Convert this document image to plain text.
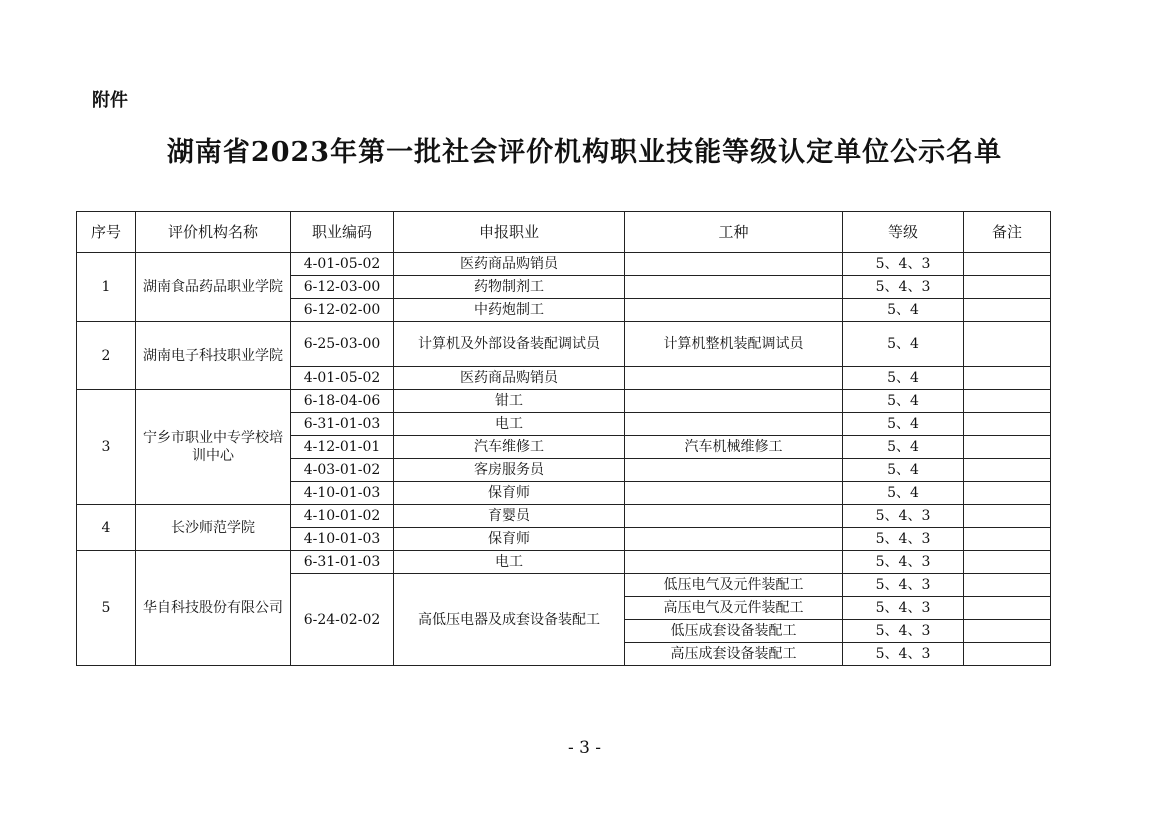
附件
湖南省2023年第一批社会评价机构职业技能等级认定单位公示名单
序号	评价机构名称	职业编码	申报职业	工种	等级	备注
1	湖南食品药品职业学院	4-01-05-02	医药商品购销员		5、4、3	
		6-12-03-00	药物制剂工		5、4、3	
		6-12-02-00	中药炮制工		5、4	
2	湖南电子科技职业学院	6-25-03-00	计算机及外部设备装配调试员	计算机整机装配调试员	5、4	
		4-01-05-02	医药商品购销员		5、4	
3	宁乡市职业中专学校培训中心	6-18-04-06	钳工		5、4	
		6-31-01-03	电工		5、4	
		4-12-01-01	汽车维修工	汽车机械维修工	5、4	
		4-03-01-02	客房服务员		5、4	
		4-10-01-03	保育师		5、4	
4	长沙师范学院	4-10-01-02	育婴员		5、4、3	
		4-10-01-03	保育师		5、4、3	
5	华自科技股份有限公司	6-31-01-03	电工		5、4、3	
		6-24-02-02	高低压电器及成套设备装配工	低压电气及元件装配工	5、4、3	
				高压电气及元件装配工	5、4、3	
				低压成套设备装配工	5、4、3	
				高压成套设备装配工	5、4、3	
- 3 -
